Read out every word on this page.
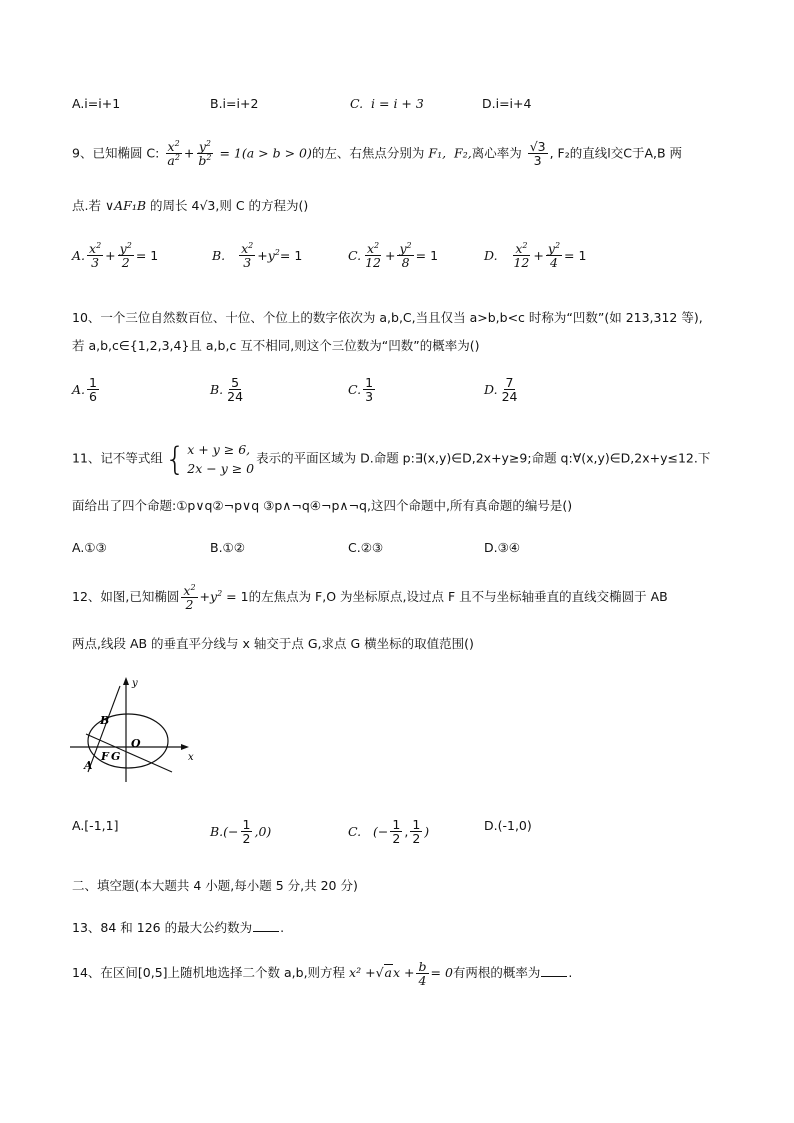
A.i=i+1	B.i=i+2	C.
i = i + 3	D.i=i+4
9、已知椭圆 C: $\frac{x^2}{a^2} + \frac{y^2}{b^2} = 1(a > b > 0)$的左、右焦点分别为 F₁, F₂,离心率为 $\frac{√3}{3}$ , F₂的直线l交C于A,B 两
点.若 ∨AF₁B 的周长 4√3,则 C 的方程为()
A. $\frac{x^2}{3} + \frac{y^2}{2} = 1$	B.
$\frac{x^2}{3} + y^2 = 1$	C. $\frac{x^2}{12} + \frac{y^2}{8} = 1$	D.
$\frac{x^2}{12} + \frac{y^2}{4} = 1$
10、一个三位自然数百位、十位、个位上的数字依次为 a,b,C,当且仅当 a>b,b<c 时称为“凹数”(如 213,312 等),
若 a,b,c∈{1,2,3,4}且 a,b,c 互不相同,则这个三位数为“凹数”的概率为()
A. $\frac{1}{6}$	B. $\frac{5}{24}$	C. $\frac{1}{3}$	D. $\frac{7}{24}$
11、记不等式组 { x + y ≥ 6,
2x − y ≥ 0
表示的平面区域为 D.命题 p:∃(x,y)∈D,2x+y≥9;命题 q:∀(x,y)∈D,2x+y≤12.下
面给出了四个命题:①p∨q②¬p∨q ③p∧¬q④¬p∧¬q,这四个命题中,所有真命题的编号是()
A.①③	B.①②	C.②③	D.③④
12、如图,已知椭圆 $\frac{x^2}{2} +y^2 = 1$的左焦点为 F,O 为坐标原点,设过点 F 且不与坐标轴垂直的直线交椭圆于 AB
两点,线段 AB 的垂直平分线与 x 轴交于点 G,求点 G 横坐标的取值范围()
y
x
B
O
F G
A
A.[-1,1]	B. (− $\frac{1}{2} ,0$)	C.
(− $\frac{1}{2}$ , $\frac{1}{2}$ )	D.(-1,0)
二、填空题(本大题共 4 小题,每小题 5 分,共 20 分)
13、84 和 126 的最大公约数为 .
14、在区间[0,5]上随机地选择二个数 a,b,则方程 $x^2 +√ax + \frac{b}{4} = 0$有两根的概率为 .
